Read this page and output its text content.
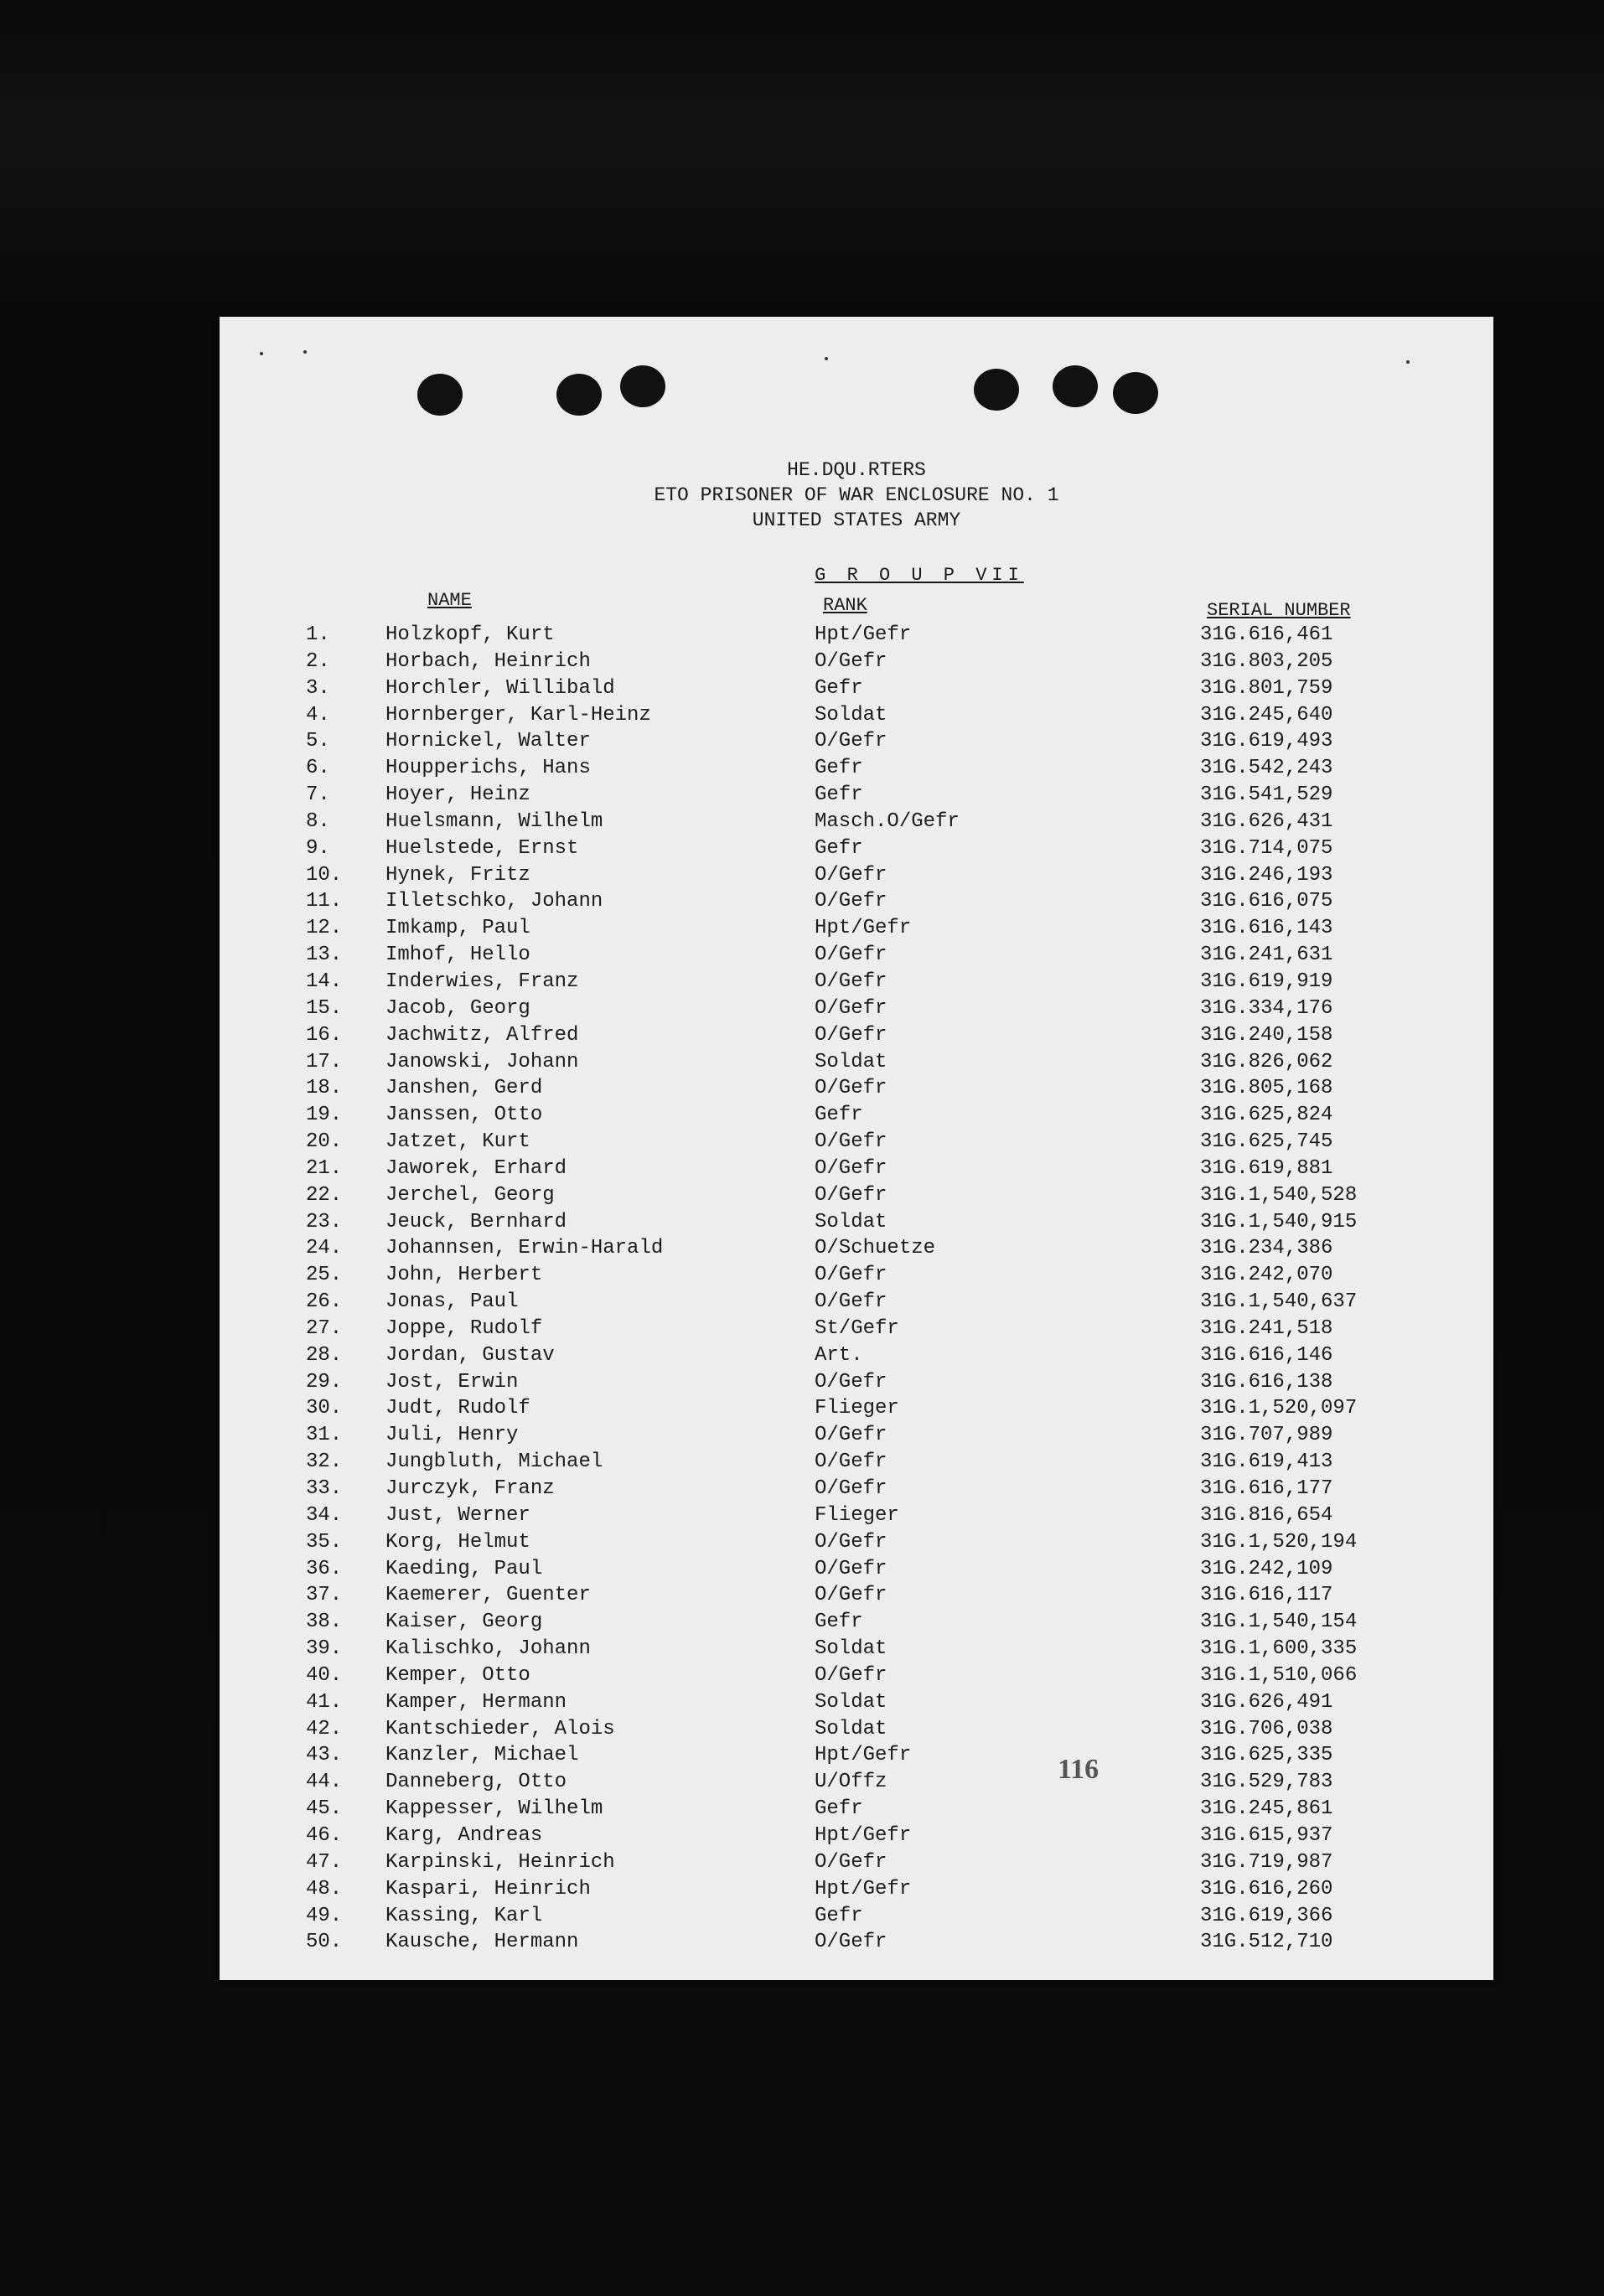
HE.DQU.RTERS
ETO PRISONER OF WAR ENCLOSURE NO. 1
UNITED STATES ARMY
G R O U P VII
NAME	RANK	SERIAL NUMBER
1.	Holzkopf, Kurt	Hpt/Gefr	31G.616,461
2.	Horbach, Heinrich	O/Gefr	31G.803,205
3.	Horchler, Willibald	Gefr	31G.801,759
4.	Hornberger, Karl-Heinz	Soldat	31G.245,640
5.	Hornickel, Walter	O/Gefr	31G.619,493
6.	Houpperichs, Hans	Gefr	31G.542,243
7.	Hoyer, Heinz	Gefr	31G.541,529
8.	Huelsmann, Wilhelm	Masch.O/Gefr	31G.626,431
9.	Huelstede, Ernst	Gefr	31G.714,075
10.	Hynek, Fritz	O/Gefr	31G.246,193
11.	Illetschko, Johann	O/Gefr	31G.616,075
12.	Imkamp, Paul	Hpt/Gefr	31G.616,143
13.	Imhof, Hello	O/Gefr	31G.241,631
14.	Inderwies, Franz	O/Gefr	31G.619,919
15.	Jacob, Georg	O/Gefr	31G.334,176
16.	Jachwitz, Alfred	O/Gefr	31G.240,158
17.	Janowski, Johann	Soldat	31G.826,062
18.	Janshen, Gerd	O/Gefr	31G.805,168
19.	Janssen, Otto	Gefr	31G.625,824
20.	Jatzet, Kurt	O/Gefr	31G.625,745
21.	Jaworek, Erhard	O/Gefr	31G.619,881
22.	Jerchel, Georg	O/Gefr	31G.1,540,528
23.	Jeuck, Bernhard	Soldat	31G.1,540,915
24.	Johannsen, Erwin-Harald	O/Schuetze	31G.234,386
25.	John, Herbert	O/Gefr	31G.242,070
26.	Jonas, Paul	O/Gefr	31G.1,540,637
27.	Joppe, Rudolf	St/Gefr	31G.241,518
28.	Jordan, Gustav	Art.	31G.616,146
29.	Jost, Erwin	O/Gefr	31G.616,138
30.	Judt, Rudolf	Flieger	31G.1,520,097
31.	Juli, Henry	O/Gefr	31G.707,989
32.	Jungbluth, Michael	O/Gefr	31G.619,413
33.	Jurczyk, Franz	O/Gefr	31G.616,177
34.	Just, Werner	Flieger	31G.816,654
35.	Korg, Helmut	O/Gefr	31G.1,520,194
36.	Kaeding, Paul	O/Gefr	31G.242,109
37.	Kaemerer, Guenter	O/Gefr	31G.616,117
38.	Kaiser, Georg	Gefr	31G.1,540,154
39.	Kalischko, Johann	Soldat	31G.1,600,335
40.	Kemper, Otto	O/Gefr	31G.1,510,066
41.	Kamper, Hermann	Soldat	31G.626,491
42.	Kantschieder, Alois	Soldat	31G.706,038
43.	Kanzler, Michael	Hpt/Gefr	31G.625,335
44.	Danneberg, Otto	U/Offz	31G.529,783
45.	Kappesser, Wilhelm	Gefr	31G.245,861
46.	Karg, Andreas	Hpt/Gefr	31G.615,937
47.	Karpinski, Heinrich	O/Gefr	31G.719,987
48.	Kaspari, Heinrich	Hpt/Gefr	31G.616,260
49.	Kassing, Karl	Gefr	31G.619,366
50.	Kausche, Hermann	O/Gefr	31G.512,710
116
